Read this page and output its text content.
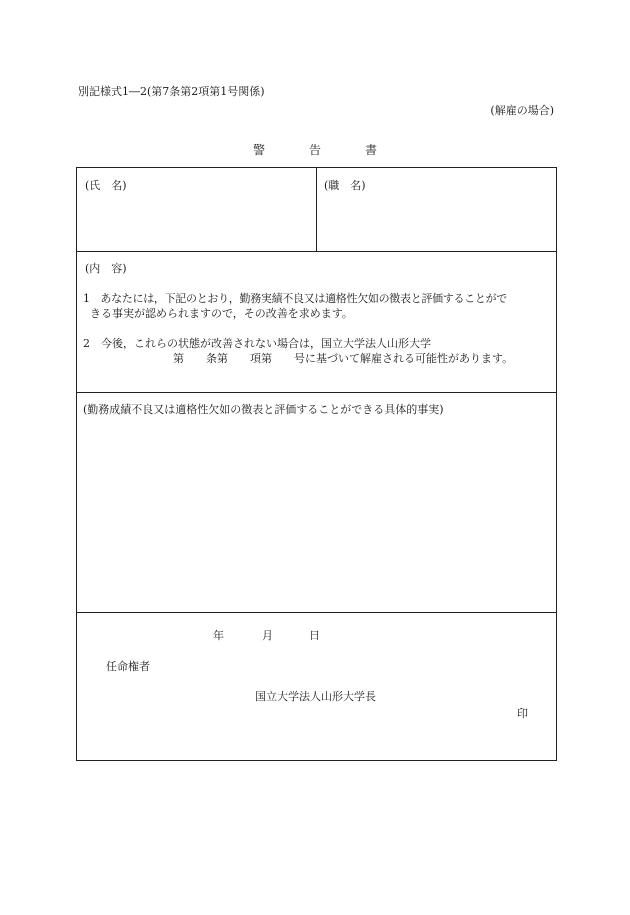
別記様式1―2(第7条第2項第1号関係)
(解雇の場合)
警告書
(氏　名)	(職　名)
(内　容)
1　あなたには，下記のとおり，勤務実績不良又は適格性欠如の徴表と評価することがで
きる事実が認められますので，その改善を求めます。
2　今後，これらの状態が改善されない場合は，国立大学法人山形大学
第　　条第　　項第　　号に基づいて解雇される可能性があります。
(勤務成績不良又は適格性欠如の徴表と評価することができる具体的事実)
年	月	日
任命権者
国立大学法人山形大学長
印
